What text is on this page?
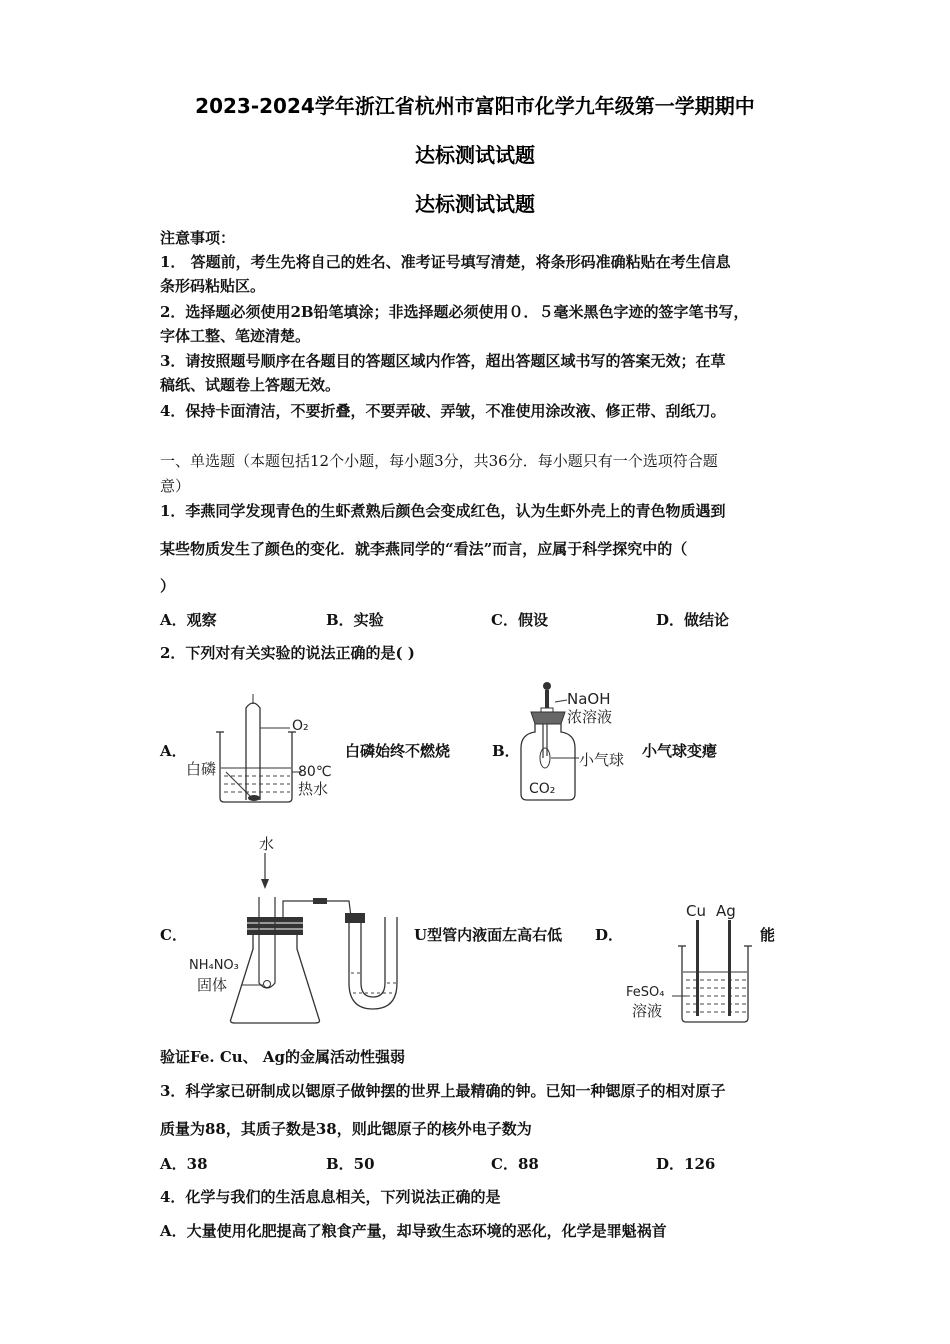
2023-2024学年浙江省杭州市富阳市化学九年级第一学期期中
达标测试试题
达标测试试题
注意事项：
1． 答题前，考生先将自己的姓名、准考证号填写清楚，将条形码准确粘贴在考生信息
条形码粘贴区。
2．选择题必须使用2B铅笔填涂；非选择题必须使用０．５毫米黑色字迹的签字笔书写，
字体工整、笔迹清楚。
3．请按照题号顺序在各题目的答题区域内作答，超出答题区域书写的答案无效；在草
稿纸、试题卷上答题无效。
4．保持卡面清洁，不要折叠，不要弄破、弄皱，不准使用涂改液、修正带、刮纸刀。
一、单选题（本题包括12个小题，每小题3分，共36分．每小题只有一个选项符合题
意）
1．李燕同学发现青色的生虾煮熟后颜色会变成红色，认为生虾外壳上的青色物质遇到
某些物质发生了颜色的变化．就李燕同学的“看法”而言，应属于科学探究中的（
）
A．观察	B．实验	C．假设	D．做结论
2．下列对有关实验的说法正确的是( )
A．
O₂
白磷	80℃
热水
白磷始终不燃烧	B．
NaOH
浓溶液
小气球
CO₂
小气球变瘪
C．
水
NH₄NO₃
固体
U型管内液面左高右低 D．
Cu Ag
FeSO₄
溶液
能
验证Fe. Cu、 Ag的金属活动性强弱
3．科学家已研制成以锶原子做钟摆的世界上最精确的钟。已知一种锶原子的相对原子
质量为88，其质子数是38，则此锶原子的核外电子数为
A．38	B．50	C．88	D．126
4．化学与我们的生活息息相关，下列说法正确的是
A．大量使用化肥提高了粮食产量，却导致生态环境的恶化，化学是罪魁祸首
